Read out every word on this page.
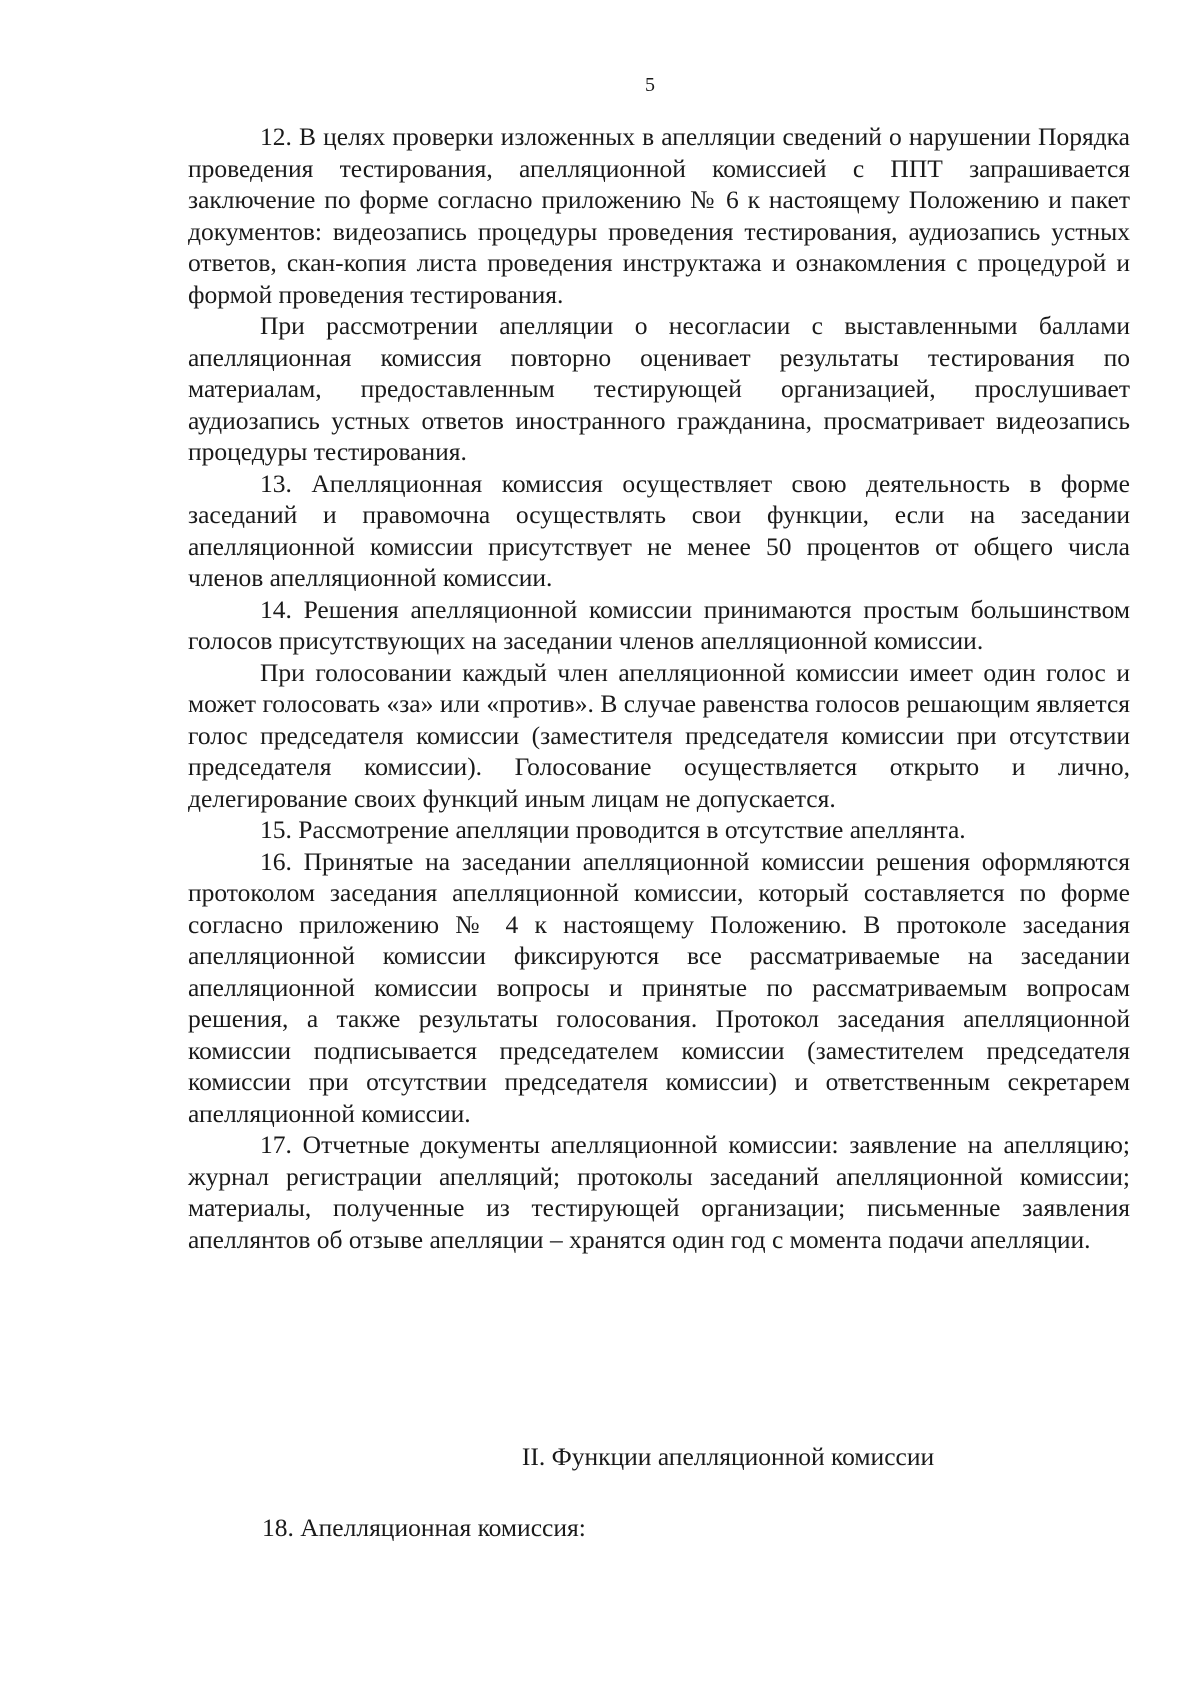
5

12. В целях проверки изложенных в апелляции сведений о нарушении Порядка проведения тестирования, апелляционной комиссией с ППТ запрашивается заключение по форме согласно приложению № 6 к настоящему Положению и пакет документов: видеозапись процедуры проведения тестирования, аудиозапись устных ответов, скан-копия листа проведения инструктажа и ознакомления с процедурой и формой проведения тестирования.

При рассмотрении апелляции о несогласии с выставленными баллами апелляционная комиссия повторно оценивает результаты тестирования по материалам, предоставленным тестирующей организацией, прослушивает аудиозапись устных ответов иностранного гражданина, просматривает видеозапись процедуры тестирования.

13. Апелляционная комиссия осуществляет свою деятельность в форме заседаний и правомочна осуществлять свои функции, если на заседании апелляционной комиссии присутствует не менее 50 процентов от общего числа членов апелляционной комиссии.

14. Решения апелляционной комиссии принимаются простым большинством голосов присутствующих на заседании членов апелляционной комиссии.

При голосовании каждый член апелляционной комиссии имеет один голос и может голосовать «за» или «против». В случае равенства голосов решающим является голос председателя комиссии (заместителя председателя комиссии при отсутствии председателя комиссии). Голосование осуществляется открыто и лично, делегирование своих функций иным лицам не допускается.

15. Рассмотрение апелляции проводится в отсутствие апеллянта.

16. Принятые на заседании апелляционной комиссии решения оформляются протоколом заседания апелляционной комиссии, который составляется по форме согласно приложению № 4 к настоящему Положению. В протоколе заседания апелляционной комиссии фиксируются все рассматриваемые на заседании апелляционной комиссии вопросы и принятые по рассматриваемым вопросам решения, а также результаты голосования. Протокол заседания апелляционной комиссии подписывается председателем комиссии (заместителем председателя комиссии при отсутствии председателя комиссии) и ответственным секретарем апелляционной комиссии.

17. Отчетные документы апелляционной комиссии: заявление на апелляцию; журнал регистрации апелляций; протоколы заседаний апелляционной комиссии; материалы, полученные из тестирующей организации; письменные заявления апеллянтов об отзыве апелляции – хранятся один год с момента подачи апелляции.

II. Функции апелляционной комиссии
18. Апелляционная комиссия:
